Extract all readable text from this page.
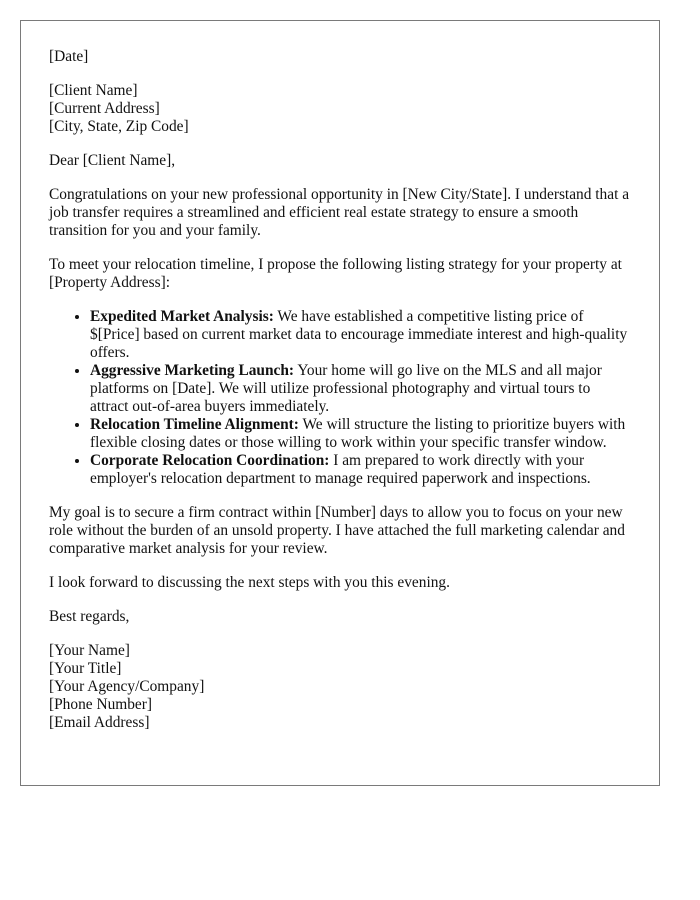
[Date]
[Client Name]
[Current Address]
[City, State, Zip Code]

Dear [Client Name],

Congratulations on your new professional opportunity in [New City/State]. I understand that a job transfer requires a streamlined and efficient real estate strategy to ensure a smooth transition for you and your family.

To meet your relocation timeline, I propose the following listing strategy for your property at [Property Address]:

• Expedited Market Analysis: We have established a competitive listing price of $[Price] based on current market data to encourage immediate interest and high-quality offers.
• Aggressive Marketing Launch: Your home will go live on the MLS and all major platforms on [Date]. We will utilize professional photography and virtual tours to attract out-of-area buyers immediately.
• Relocation Timeline Alignment: We will structure the listing to prioritize buyers with flexible closing dates or those willing to work within your specific transfer window.
• Corporate Relocation Coordination: I am prepared to work directly with your employer's relocation department to manage required paperwork and inspections.

My goal is to secure a firm contract within [Number] days to allow you to focus on your new role without the burden of an unsold property. I have attached the full marketing calendar and comparative market analysis for your review.

I look forward to discussing the next steps with you this evening.

Best regards,

[Your Name]
[Your Title]
[Your Agency/Company]
[Phone Number]
[Email Address]
